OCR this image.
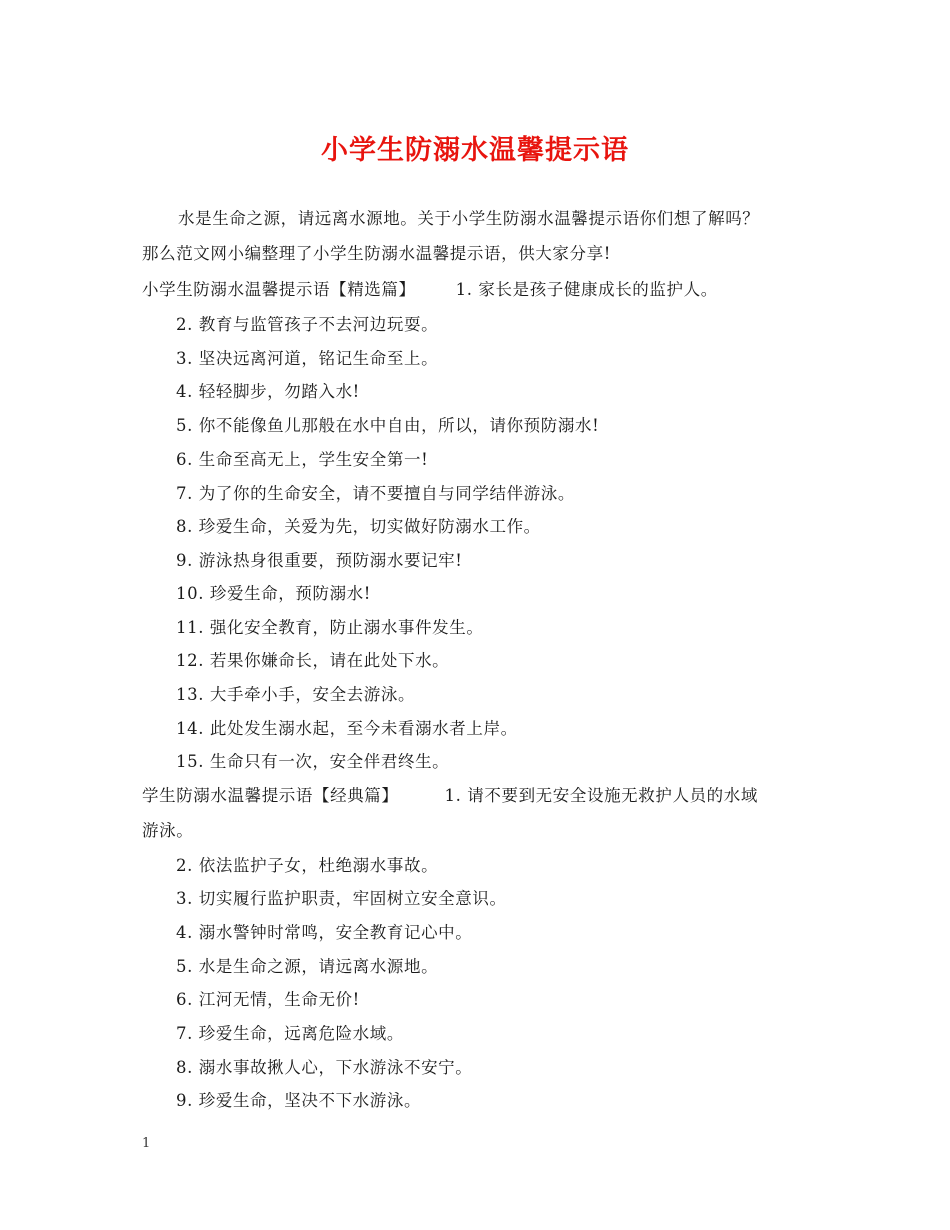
小学生防溺水温馨提示语
水是生命之源，请远离水源地。关于小学生防溺水温馨提示语你们想了解吗？
那么范文网小编整理了小学生防溺水温馨提示语，供大家分享!
小学生防溺水温馨提示语【精选篇】 1. 家长是孩子健康成长的监护人。
2. 教育与监管孩子不去河边玩耍。
3. 坚决远离河道，铭记生命至上。
4. 轻轻脚步，勿踏入水!
5. 你不能像鱼儿那般在水中自由，所以，请你预防溺水!
6. 生命至高无上，学生安全第一!
7. 为了你的生命安全，请不要擅自与同学结伴游泳。
8. 珍爱生命，关爱为先，切实做好防溺水工作。
9. 游泳热身很重要，预防溺水要记牢!
10. 珍爱生命，预防溺水!
11. 强化安全教育，防止溺水事件发生。
12. 若果你嫌命长，请在此处下水。
13. 大手牵小手，安全去游泳。
14. 此处发生溺水起，至今未看溺水者上岸。
15. 生命只有一次，安全伴君终生。
学生防溺水温馨提示语【经典篇】	1. 请不要到无安全设施无救护人员的水域
游泳。
2. 依法监护子女，杜绝溺水事故。
3. 切实履行监护职责，牢固树立安全意识。
4. 溺水警钟时常鸣，安全教育记心中。
5. 水是生命之源，请远离水源地。
6. 江河无情，生命无价!
7. 珍爱生命，远离危险水域。
8. 溺水事故揪人心，下水游泳不安宁。
9. 珍爱生命，坚决不下水游泳。
1
